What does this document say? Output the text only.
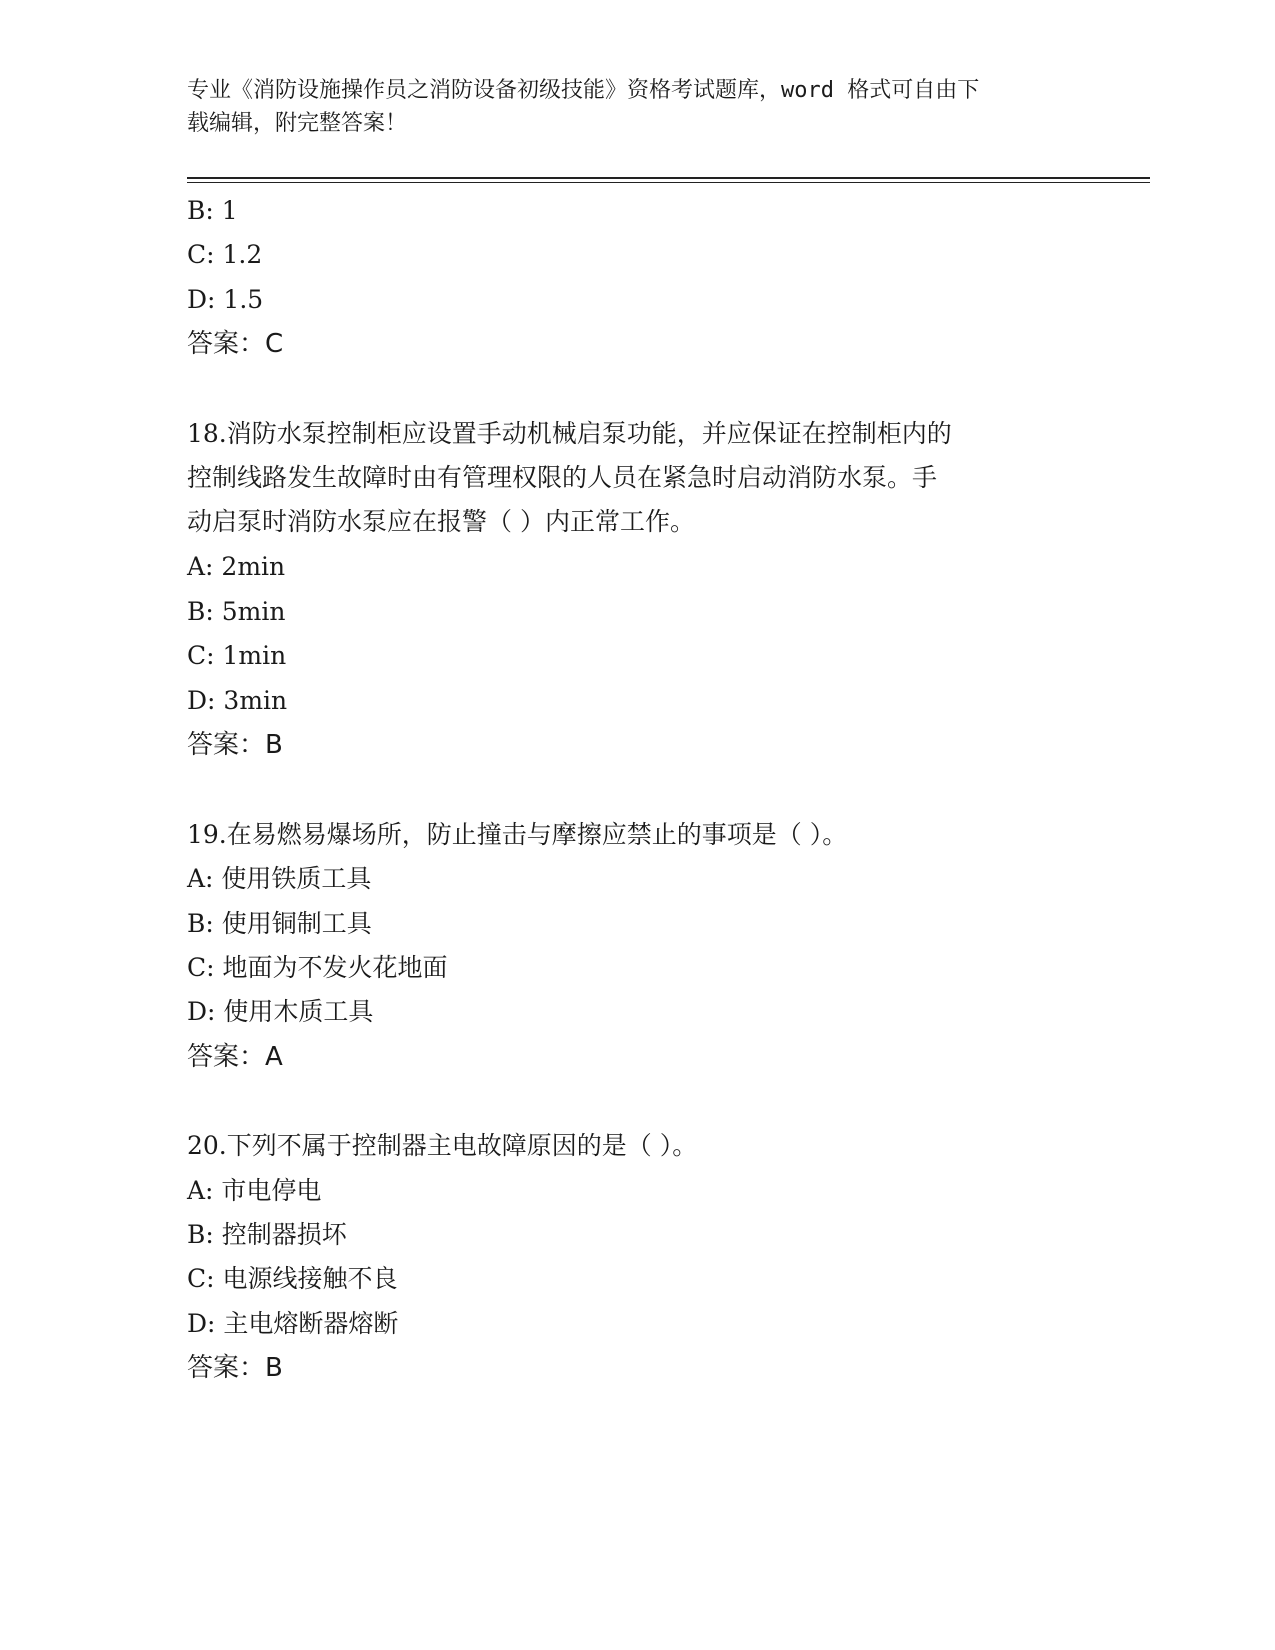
专业《消防设施操作员之消防设备初级技能》资格考试题库，word 格式可自由下
载编辑，附完整答案！
B: 1
C: 1.2
D: 1.5
答案：C
18.消防水泵控制柜应设置手动机械启泵功能，并应保证在控制柜内的
控制线路发生故障时由有管理权限的人员在紧急时启动消防水泵。手
动启泵时消防水泵应在报警（ ）内正常工作。
A: 2min
B: 5min
C: 1min
D: 3min
答案：B
19.在易燃易爆场所，防止撞击与摩擦应禁止的事项是（ ）。
A: 使用铁质工具
B: 使用铜制工具
C: 地面为不发火花地面
D: 使用木质工具
答案：A
20.下列不属于控制器主电故障原因的是（ ）。
A: 市电停电
B: 控制器损坏
C: 电源线接触不良
D: 主电熔断器熔断
答案：B
